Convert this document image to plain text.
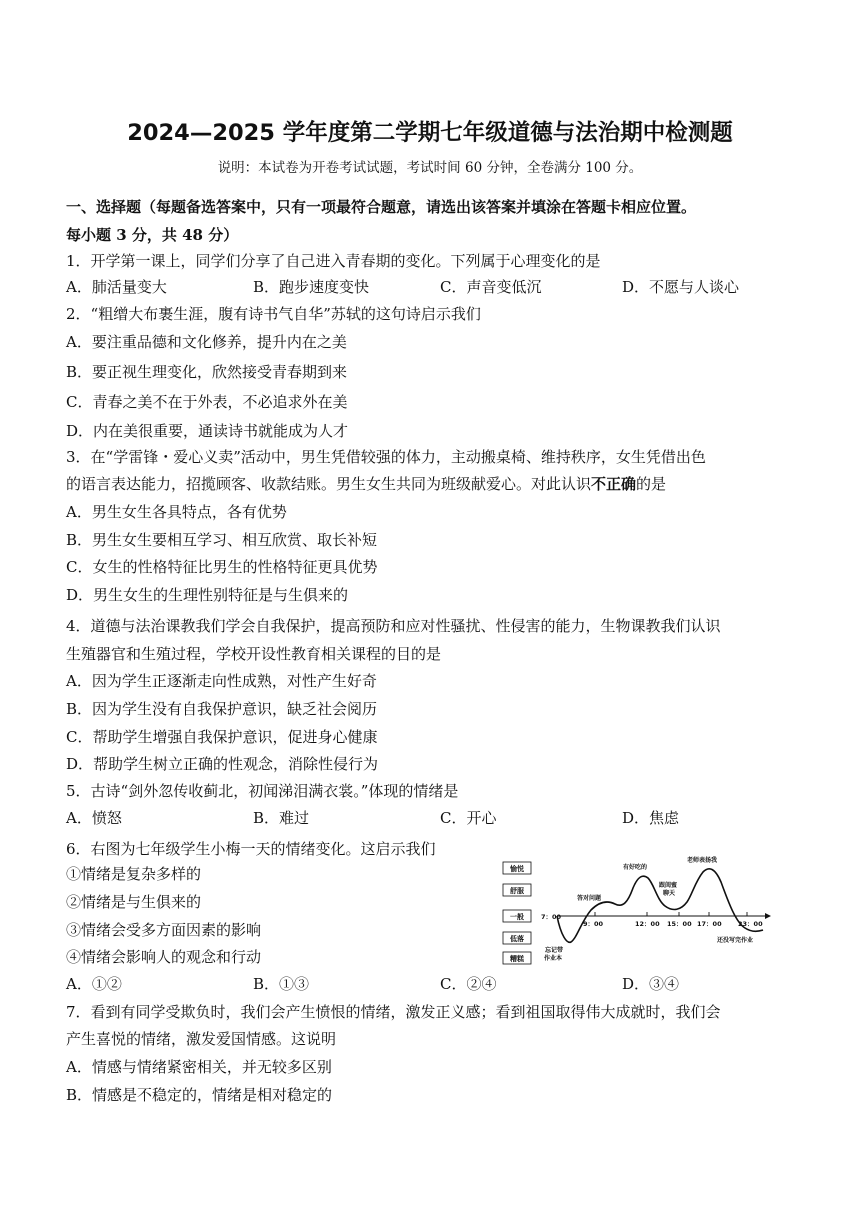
2024—2025 学年度第二学期七年级道德与法治期中检测题
说明：本试卷为开卷考试试题，考试时间 60 分钟，全卷满分 100 分。
一、选择题（每题备选答案中，只有一项最符合题意，请选出该答案并填涂在答题卡相应位置。
每小题 3 分，共 48 分）
1．开学第一课上，同学们分享了自己进入青春期的变化。下列属于心理变化的是
A．肺活量变大	B．跑步速度变快	C．声音变低沉	D．不愿与人谈心
2．“粗缯大布裹生涯，腹有诗书气自华”苏轼的这句诗启示我们
A．要注重品德和文化修养，提升内在之美
B．要正视生理变化，欣然接受青春期到来
C．青春之美不在于外表，不必追求外在美
D．内在美很重要，通读诗书就能成为人才
3．在“学雷锋・爱心义卖”活动中，男生凭借较强的体力，主动搬桌椅、维持秩序，女生凭借出色
的语言表达能力，招揽顾客、收款结账。男生女生共同为班级献爱心。对此认识不正确的是
A．男生女生各具特点，各有优势
B．男生女生要相互学习、相互欣赏、取长补短
C．女生的性格特征比男生的性格特征更具优势
D．男生女生的生理性别特征是与生俱来的
4．道德与法治课教我们学会自我保护，提高预防和应对性骚扰、性侵害的能力，生物课教我们认识
生殖器官和生殖过程，学校开设性教育相关课程的目的是
A．因为学生正逐渐走向性成熟，对性产生好奇
B．因为学生没有自我保护意识，缺乏社会阅历
C．帮助学生增强自我保护意识，促进身心健康
D．帮助学生树立正确的性观念，消除性侵行为
5．古诗“剑外忽传收蓟北，初闻涕泪满衣裳。”体现的情绪是
A．愤怒	B．难过	C．开心	D．焦虑
6．右图为七年级学生小梅一天的情绪变化。这启示我们
①情绪是复杂多样的
②情绪是与生俱来的
③情绪会受多方面因素的影响
④情绪会影响人的观念和行动
A．①②	B．①③	C．②④	D．③④
愉悦
舒服
一般
低落
糟糕
7：00
9：00	12：00 15：00 17：00	23：00
忘记带
作业本
答对问题
有好吃的
跟闺蜜
聊天
老师表扬我
还没写完作业
7．看到有同学受欺负时，我们会产生愤恨的情绪，激发正义感；看到祖国取得伟大成就时，我们会
产生喜悦的情绪，激发爱国情感。这说明
A．情感与情绪紧密相关，并无较多区别
B．情感是不稳定的，情绪是相对稳定的
